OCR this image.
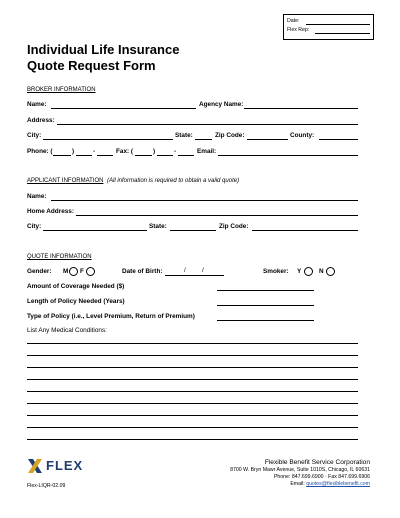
Date:
Flex Rep:
Individual Life Insurance
Quote Request Form
BROKER INFORMATION
Name:	Agency Name:
Address:
City:	State:	Zip Code:	County:
Phone: (	)	-	Fax: (	)	-	Email:
APPLICANT INFORMATION (All information is required to obtain a valid quote)
Name:
Home Address:
City:	State:	Zip Code:
QUOTE INFORMATION
Gender: M F	Date of Birth:	/	/	Smoker: Y	N
Amount of Coverage Needed ($)
Length of Policy Needed (Years)
Type of Policy (i.e., Level Premium, Return of Premium)
List Any Medical Conditions:
FLEX	Flexible Benefit Service Corporation
8700 W. Bryn Mawr Avenue, Suite 1010S, Chicago, IL 60631
Phone: 847.699.6900 · Fax 847.699.6906
Email: quotes@flexiblebenefit.com
Flex-LIQR-02.09
